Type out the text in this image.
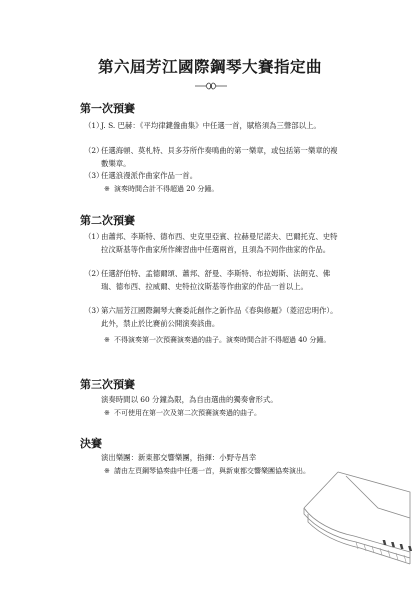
第六屆芳江國際鋼琴大賽指定曲
第一次預賽
（1）
J. S. 巴赫：《平均律鍵盤曲集》中任選一首，賦格須為三聲部以上。
（2）
任選海頓、莫札特、貝多芬所作奏鳴曲的第一樂章，或包括第一樂章的複數樂章。
（3）
任選浪漫派作曲家作品一首。
※ 演奏時間合計不得超過 20 分鐘。
第二次預賽
（1）
由蕭邦、李斯特、德布西、史克里亞賓、拉赫曼尼諾夫、巴爾托克、史特拉汶斯基等作曲家所作練習曲中任選兩首，且須為不同作曲家的作品。
（2）
任選舒伯特、孟德爾頌、蕭邦、舒曼、李斯特、布拉姆斯、法朗克、佛瑞、德布西、拉威爾、史特拉汶斯基等作曲家的作品一首以上。
（3）
第六屆芳江國際鋼琴大賽委託創作之新作品《春與修羅》（菱沼忠明作）。此外，禁止於比賽前公開演奏該曲。
※ 不得演奏第一次預賽演奏過的曲子。演奏時間合計不得超過 40 分鐘。
第三次預賽
演奏時間以 60 分鐘為限，為自由選曲的獨奏會形式。
※ 不可使用在第一次及第二次預賽演奏過的曲子。
決賽
演出樂團：新東都交響樂團，指揮：小野寺昌幸
※ 請由左頁鋼琴協奏曲中任選一首，與新東都交響樂團協奏演出。
